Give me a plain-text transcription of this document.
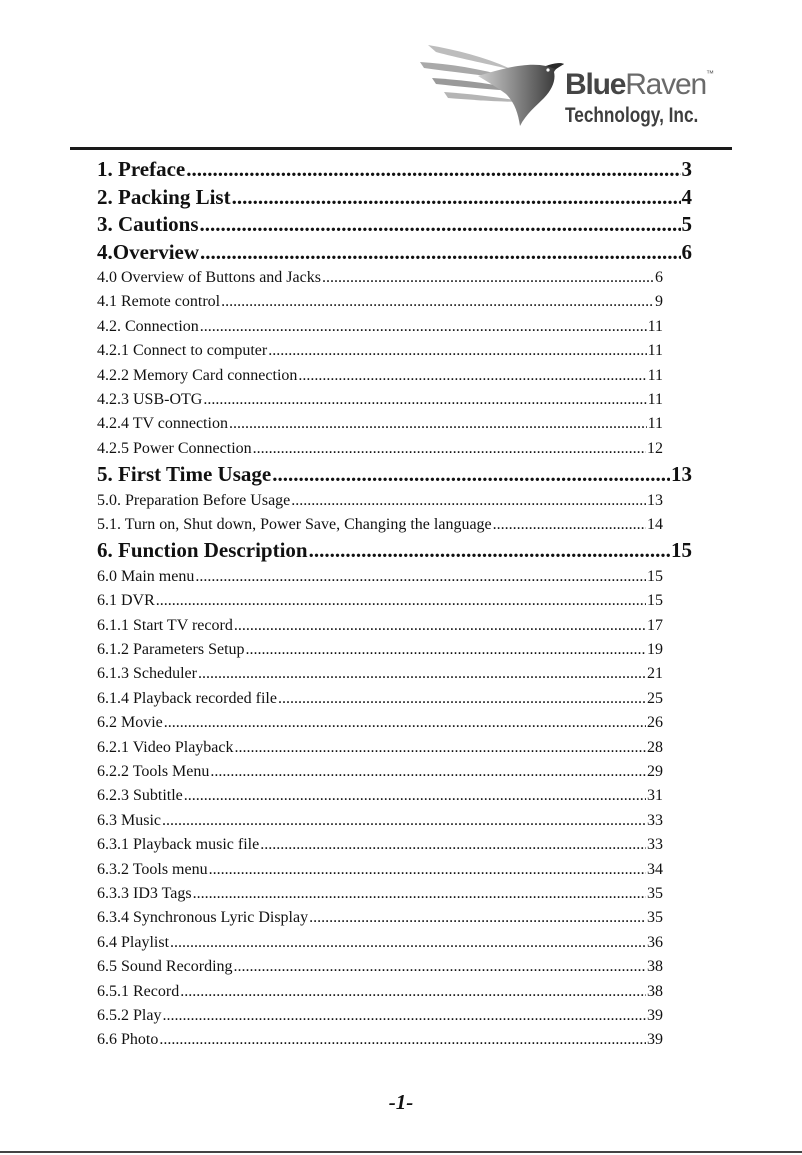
BlueRaven™
Technology, Inc.
1. Preface .....	3
2. Packing List .....	4
3. Cautions .....	5
4.Overview .....	6
4.0 Overview of Buttons and Jacks .....	6
4.1 Remote control .....	9
4.2. Connection .....	11
4.2.1 Connect to computer .....	11
4.2.2 Memory Card connection .....	11
4.2.3 USB-OTG .....	11
4.2.4 TV connection .....	11
4.2.5 Power Connection .....	12
5. First Time Usage .....	13
5.0. Preparation Before Usage .....	13
5.1. Turn on, Shut down, Power Save, Changing the language .....	14
6. Function Description .....	15
6.0 Main menu .....	15
6.1 DVR .....	15
6.1.1 Start TV record .....	17
6.1.2 Parameters Setup .....	19
6.1.3 Scheduler .....	21
6.1.4 Playback recorded file .....	25
6.2 Movie .....	26
6.2.1 Video Playback .....	28
6.2.2 Tools Menu .....	29
6.2.3 Subtitle .....	31
6.3 Music .....	33
6.3.1 Playback music file .....	33
6.3.2 Tools menu .....	34
6.3.3 ID3 Tags .....	35
6.3.4 Synchronous Lyric Display .....	35
6.4 Playlist .....	36
6.5 Sound Recording .....	38
6.5.1 Record .....	38
6.5.2 Play .....	39
6.6 Photo .....	39
-1-
